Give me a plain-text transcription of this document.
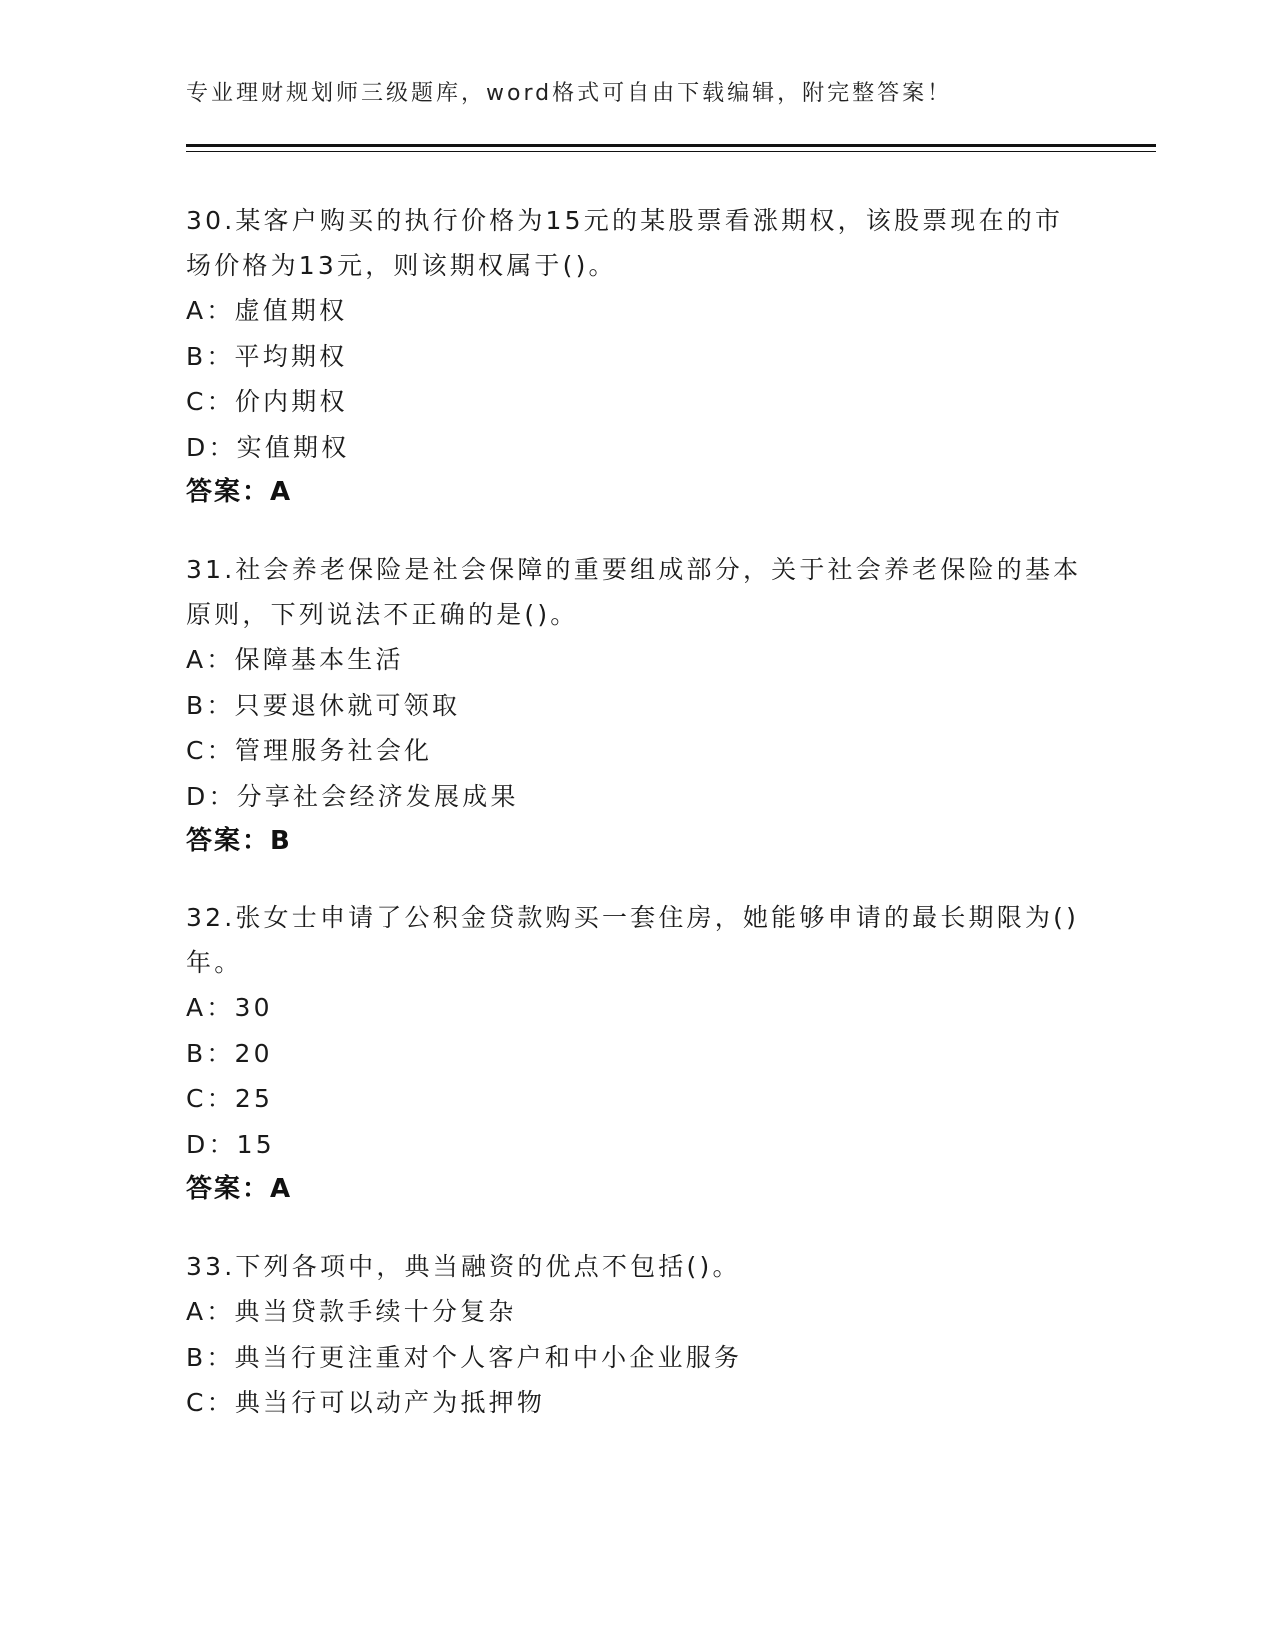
专业理财规划师三级题库，word格式可自由下载编辑，附完整答案！

30.某客户购买的执行价格为15元的某股票看涨期权，该股票现在的市场价格为13元，则该期权属于()。

A：虚值期权

B：平均期权

C：价内期权

D：实值期权

答案：A

31.社会养老保险是社会保障的重要组成部分，关于社会养老保险的基本原则，下列说法不正确的是()。

A：保障基本生活

B：只要退休就可领取

C：管理服务社会化

D：分享社会经济发展成果

答案：B

32.张女士申请了公积金贷款购买一套住房，她能够申请的最长期限为()年。

A：30

B：20

C：25

D：15

答案：A

33.下列各项中，典当融资的优点不包括()。

A：典当贷款手续十分复杂

B：典当行更注重对个人客户和中小企业服务

C：典当行可以动产为抵押物
